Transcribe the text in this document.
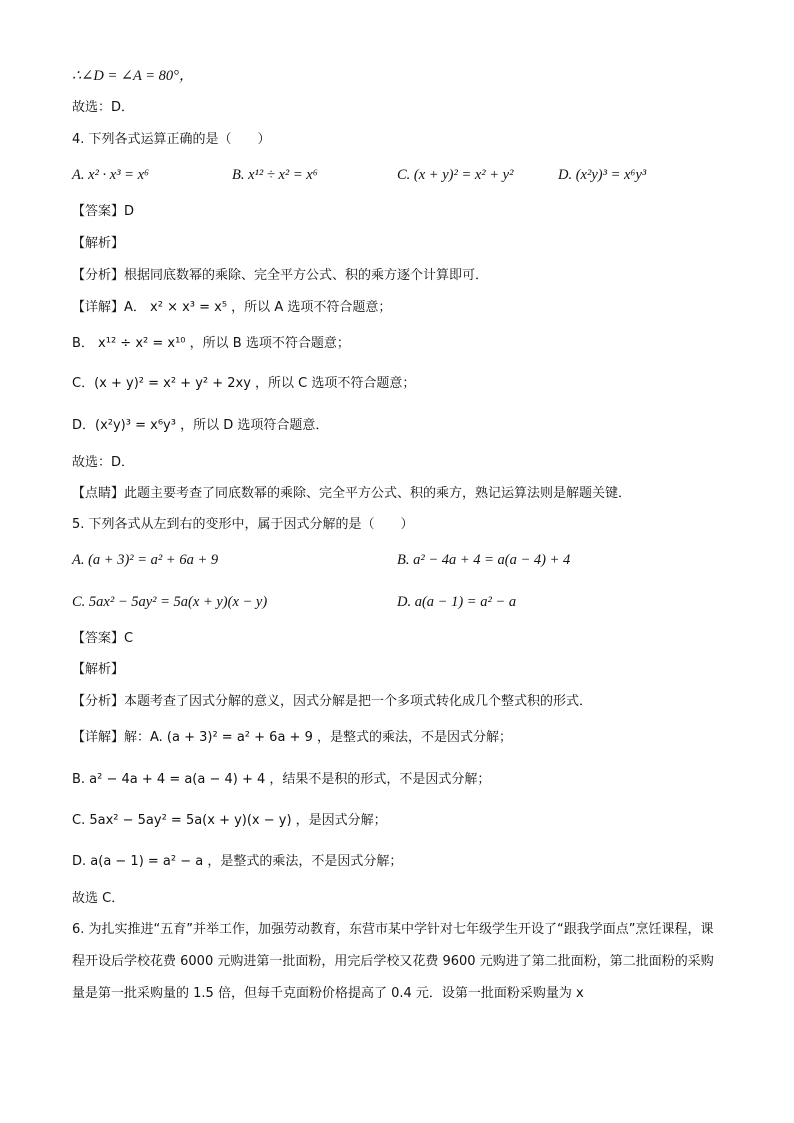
∴∠D = ∠A = 80°，
故选：D．
4. 下列各式运算正确的是（　　）
A. x² · x³ = x⁶	B. x¹² ÷ x² = x⁶	C. (x + y)² = x² + y²	D. (x²y)³ = x⁶y³
【答案】D
【解析】
【分析】根据同底数幂的乘除、完全平方公式、积的乘方逐个计算即可．
【详解】A． x² × x³ = x⁵ ，所以 A 选项不符合题意；
B． x¹² ÷ x² = x¹⁰ ，所以 B 选项不符合题意；
C．(x + y)² = x² + y² + 2xy ，所以 C 选项不符合题意；
D．(x²y)³ = x⁶y³ ，所以 D 选项符合题意．
故选：D．
【点睛】此题主要考查了同底数幂的乘除、完全平方公式、积的乘方，熟记运算法则是解题关键．
5. 下列各式从左到右的变形中，属于因式分解的是（　　）
A. (a + 3)² = a² + 6a + 9	B. a² − 4a + 4 = a(a − 4) + 4
C. 5ax² − 5ay² = 5a(x + y)(x − y)	D. a(a − 1) = a² − a
【答案】C
【解析】
【分析】本题考查了因式分解的意义，因式分解是把一个多项式转化成几个整式积的形式．
【详解】解：A. (a + 3)² = a² + 6a + 9 ，是整式的乘法，不是因式分解；
B. a² − 4a + 4 = a(a − 4) + 4 ，结果不是积的形式，不是因式分解；
C. 5ax² − 5ay² = 5a(x + y)(x − y) ，是因式分解；
D. a(a − 1) = a² − a ，是整式的乘法，不是因式分解；
故选 C．
6. 为扎实推进“五育”并举工作，加强劳动教育，东营市某中学针对七年级学生开设了“跟我学面点”烹饪课程，课程开设后学校花费 6000 元购进第一批面粉，用完后学校又花费 9600 元购进了第二批面粉，第二批面粉的采购量是第一批采购量的 1.5 倍，但每千克面粉价格提高了 0.4 元．设第一批面粉采购量为 x
